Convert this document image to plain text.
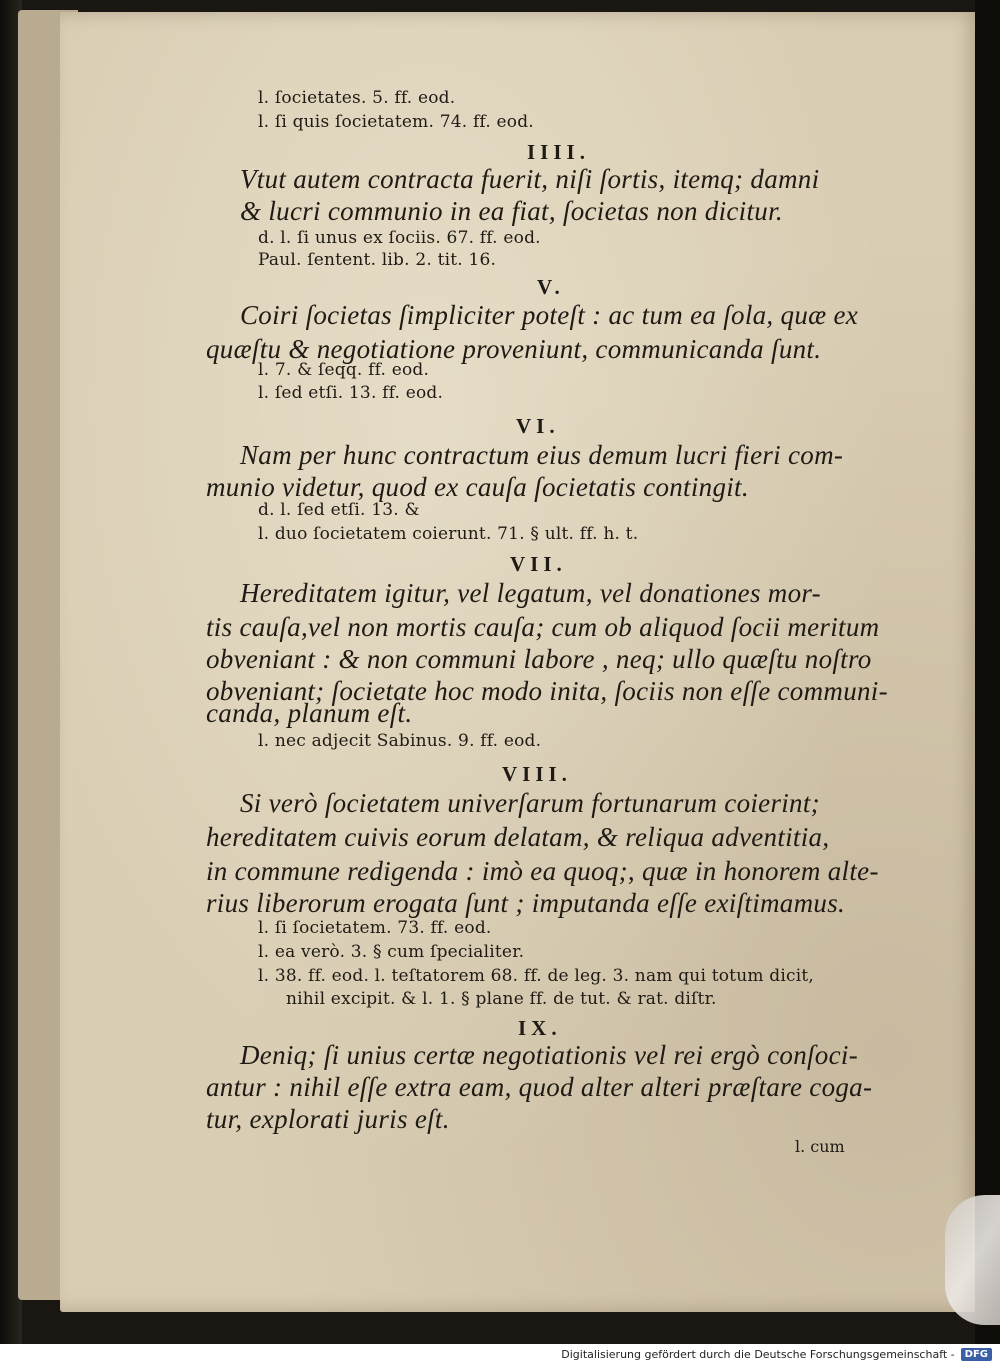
l. ſocietates. 5. ff. eod.
l. ſi quis ſocietatem. 74. ff. eod.
IIII.
Vtut autem contracta fuerit, niſi ſortis, itemq; damni
& lucri communio in ea fiat, ſocietas non dicitur.
d. l. ſi unus ex ſociis. 67. ff. eod.
Paul. ſentent. lib. 2. tit. 16.
V.
Coiri ſocietas ſimpliciter poteſt : ac tum ea ſola, quæ ex
quæſtu & negotiatione proveniunt, communicanda ſunt.
l. 7. & ſeqq. ff. eod.
l. ſed etſi. 13. ff. eod.
VI.
Nam per hunc contractum eius demum lucri fieri com-
munio videtur, quod ex cauſa ſocietatis contingit.
d. l. ſed etſi. 13. &
l. duo ſocietatem coierunt. 71. § ult. ff. h. t.
VII.
Hereditatem igitur, vel legatum, vel donationes mor-
tis cauſa,vel non mortis cauſa; cum ob aliquod ſocii meritum
obveniant : & non communi labore , neq; ullo quæſtu noſtro
obveniant; ſocietate hoc modo inita, ſociis non eſſe communi-
canda, planum eſt.
l. nec adjecit Sabinus. 9. ff. eod.
VIII.
Si verò ſocietatem univerſarum fortunarum coierint;
hereditatem cuivis eorum delatam, & reliqua adventitia,
in commune redigenda : imò ea quoq;, quæ in honorem alte-
rius liberorum erogata ſunt ; imputanda eſſe exiſtimamus.
l. ſi ſocietatem. 73. ff. eod.
l. ea verò. 3. § cum ſpecialiter.
l. 38. ff. eod. l. teſtatorem 68. ff. de leg. 3. nam qui totum dicit,
nihil excipit. & l. 1. § plane ff. de tut. & rat. diſtr.
IX.
Deniq; ſi unius certæ negotiationis vel rei ergò conſoci-
antur : nihil eſſe extra eam, quod alter alteri præſtare coga-
tur, explorati juris eſt.
l. cum
Digitalisierung gefördert durch die Deutsche Forschungsgemeinschaft -	DFG
